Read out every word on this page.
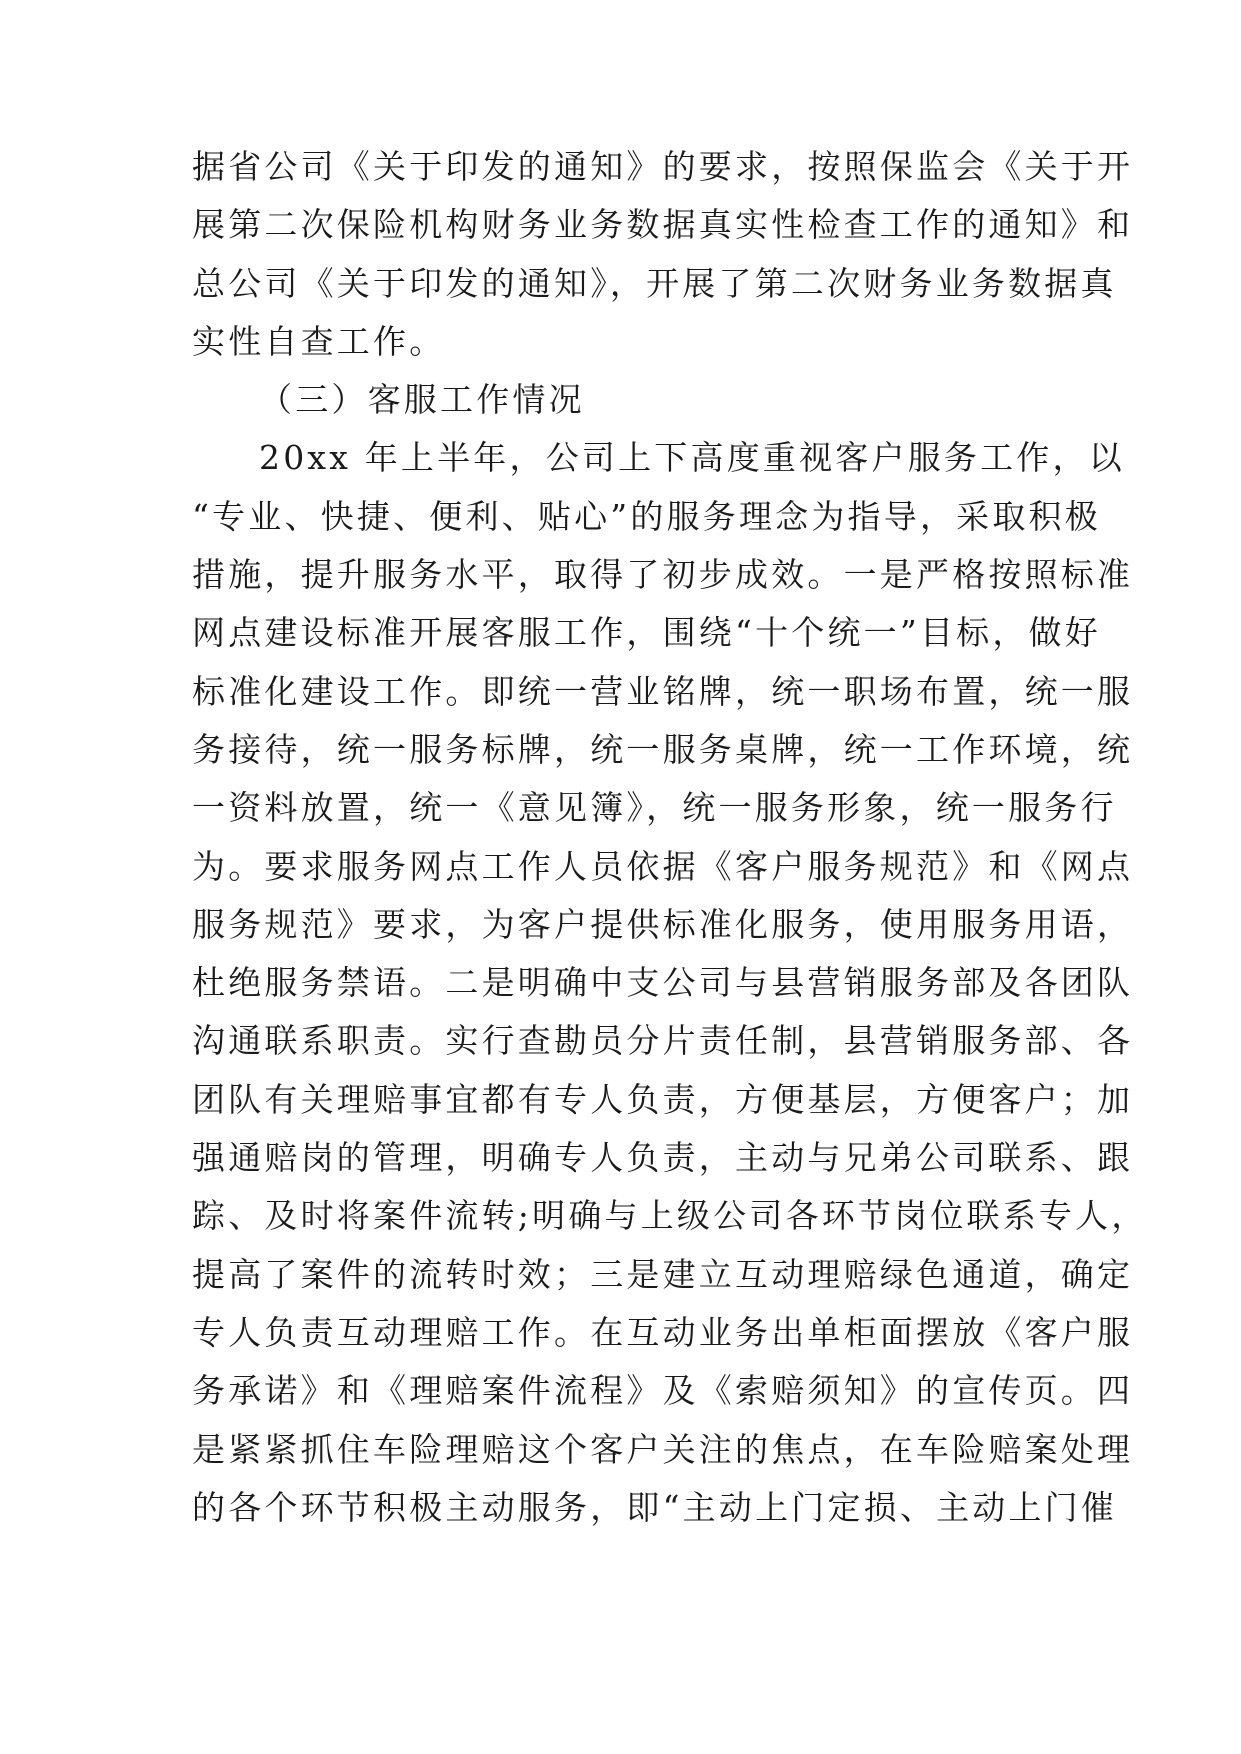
据省公司《关于印发的通知》的要求，按照保监会《关于开
展第二次保险机构财务业务数据真实性检查工作的通知》和
总公司《关于印发的通知》，开展了第二次财务业务数据真
实性自查工作。
（三）客服工作情况
20xx 年上半年，公司上下高度重视客户服务工作，以
“专业、快捷、便利、贴心”的服务理念为指导，采取积极
措施，提升服务水平，取得了初步成效。一是严格按照标准
网点建设标准开展客服工作，围绕“十个统一”目标，做好
标准化建设工作。即统一营业铭牌，统一职场布置，统一服
务接待，统一服务标牌，统一服务桌牌，统一工作环境，统
一资料放置，统一《意见簿》，统一服务形象，统一服务行
为。要求服务网点工作人员依据《客户服务规范》和《网点
服务规范》要求，为客户提供标准化服务，使用服务用语，
杜绝服务禁语。二是明确中支公司与县营销服务部及各团队
沟通联系职责。实行查勘员分片责任制，县营销服务部、各
团队有关理赔事宜都有专人负责，方便基层，方便客户；加
强通赔岗的管理，明确专人负责，主动与兄弟公司联系、跟
踪、及时将案件流转;明确与上级公司各环节岗位联系专人，
提高了案件的流转时效；三是建立互动理赔绿色通道，确定
专人负责互动理赔工作。在互动业务出单柜面摆放《客户服
务承诺》和《理赔案件流程》及《索赔须知》的宣传页。四
是紧紧抓住车险理赔这个客户关注的焦点，在车险赔案处理
的各个环节积极主动服务，即“主动上门定损、主动上门催
